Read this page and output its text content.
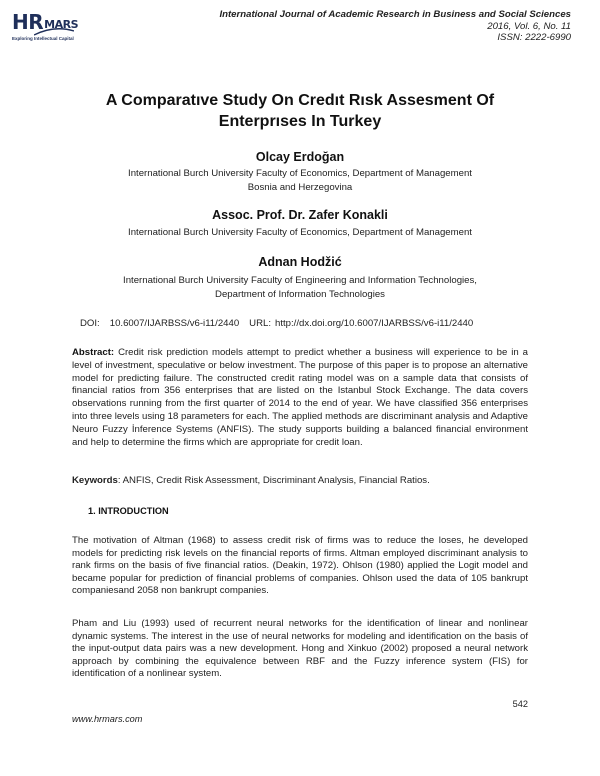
HRMARS
Exploring Intellectual Capital
International Journal of Academic Research in Business and Social Sciences
2016, Vol. 6, No. 11
ISSN: 2222-6990
A Comparatıve Study On Credıt Rısk Assesment Of
Enterprıses In Turkey
Olcay Erdoğan
International Burch University Faculty of Economics, Department of Management
Bosnia and Herzegovina
Assoc. Prof. Dr. Zafer Konakli
International Burch University Faculty of Economics, Department of Management
Adnan Hodžić
International Burch University Faculty of Engineering and Information Technologies,
Department of Information Technologies
DOI: 10.6007/IJARBSS/v6-i11/2440 URL: http://dx.doi.org/10.6007/IJARBSS/v6-i11/2440
Abstract: Credit risk prediction models attempt to predict whether a business will experience to be in a level of investment, speculative or below investment. The purpose of this paper is to propose an alternative model for predicting failure. The constructed credit rating model was on a sample data that consists of financial ratios from 356 enterprises that are listed on the Istanbul Stock Exchange. The data covers observations running from the first quarter of 2014 to the end of year. We have classified 356 enterprises into three levels using 18 parameters for each. The applied methods are discriminant analysis and Adaptive Neuro Fuzzy İnference Systems (ANFIS). The study supports building a balanced financial environment and help to determine the firms which are appropriate for credit loan.
Keywords: ANFIS, Credit Risk Assessment, Discriminant Analysis, Financial Ratios.
1. INTRODUCTION
The motivation of Altman (1968) to assess credit risk of firms was to reduce the loses, he developed models for predicting risk levels on the financial reports of firms. Altman employed discriminant analysis to rank firms on the basis of five financial ratios. (Deakin, 1972). Ohlson (1980) applied the Logit model and became popular for prediction of financial problems of companies. Ohlson used the data of 105 bankrupt companiesand 2058 non bankrupt companies.
Pham and Liu (1993) used of recurrent neural networks for the identification of linear and nonlinear dynamic systems. The interest in the use of neural networks for modeling and identification on the basis of the input-output data pairs was a new development. Hong and Xinkuo (2002) proposed a neural network approach by combining the equivalence between RBF and the Fuzzy inference system (FIS) for identification of a nonlinear system.
542
www.hrmars.com
